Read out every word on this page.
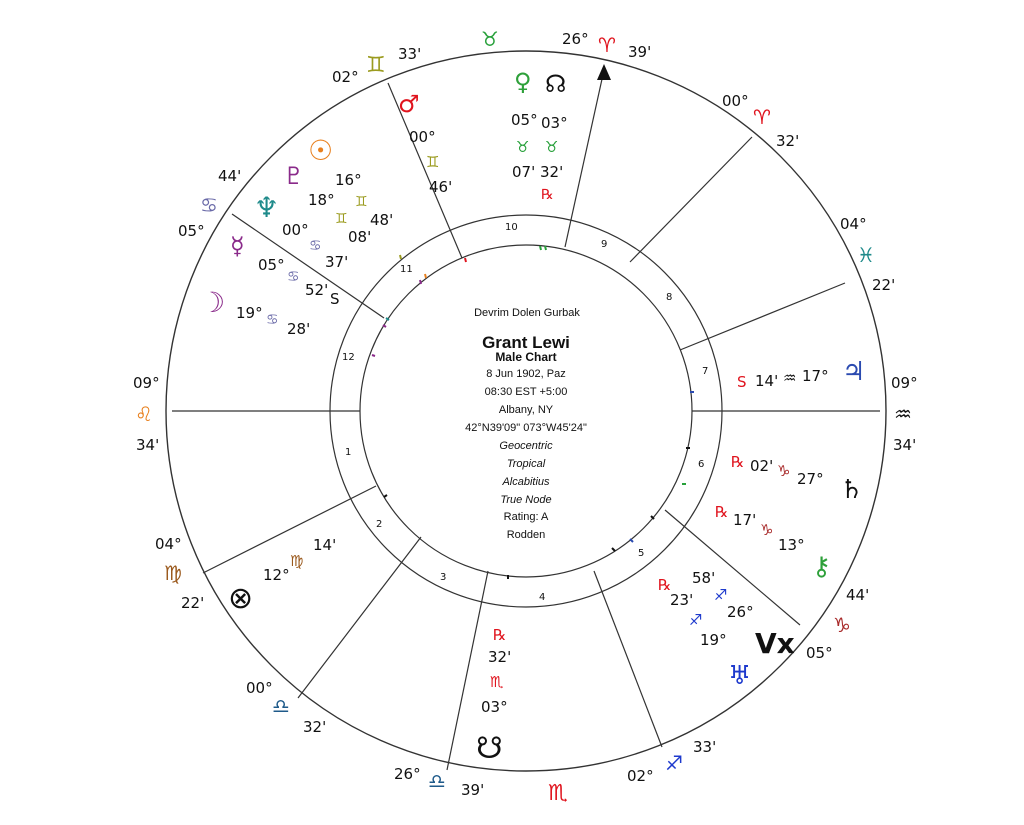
1
2
3
4
5
6
7
8
9
10
11
12
Devrim Dolen Gurbak
Grant Lewi
Male Chart
8 Jun 1902, Paz
08:30 EST +5:00
Albany, NY
42°N39'09" 073°W45'24"
Geocentric
Tropical
Alcabitius
True Node
Rating: A
Rodden
09°
♌
34'
04°
♍
22'
00°
♎
32'
26° ♎ 39'	♏
02°
♐
33'
05°
♑
44'
09°
♒
34'
04°
♓
22'
00°
♈
32'
26° ♈ 39'
♉
02° ♊ 33'
05°
♋
44'
♂
00°
♊
46'
♀ ☊
05° 03°
♉ ♉
07' 32'
℞
☉
16°
♊
48'
♇
18°
♊
08'
♆
00°
♋
37'
☿
05°
♋
52' S
☽ 19° ♋ 28'
S 14' ♒ 17° ♃
℞ 02' ♑ 27° ♄
℞ 17'
♑
13°
⚷
58'
℞
23' ♐
26°
♐
19° Vx
♅
14'
♍
12°
⊗
℞
32'
♏
03°
☋
